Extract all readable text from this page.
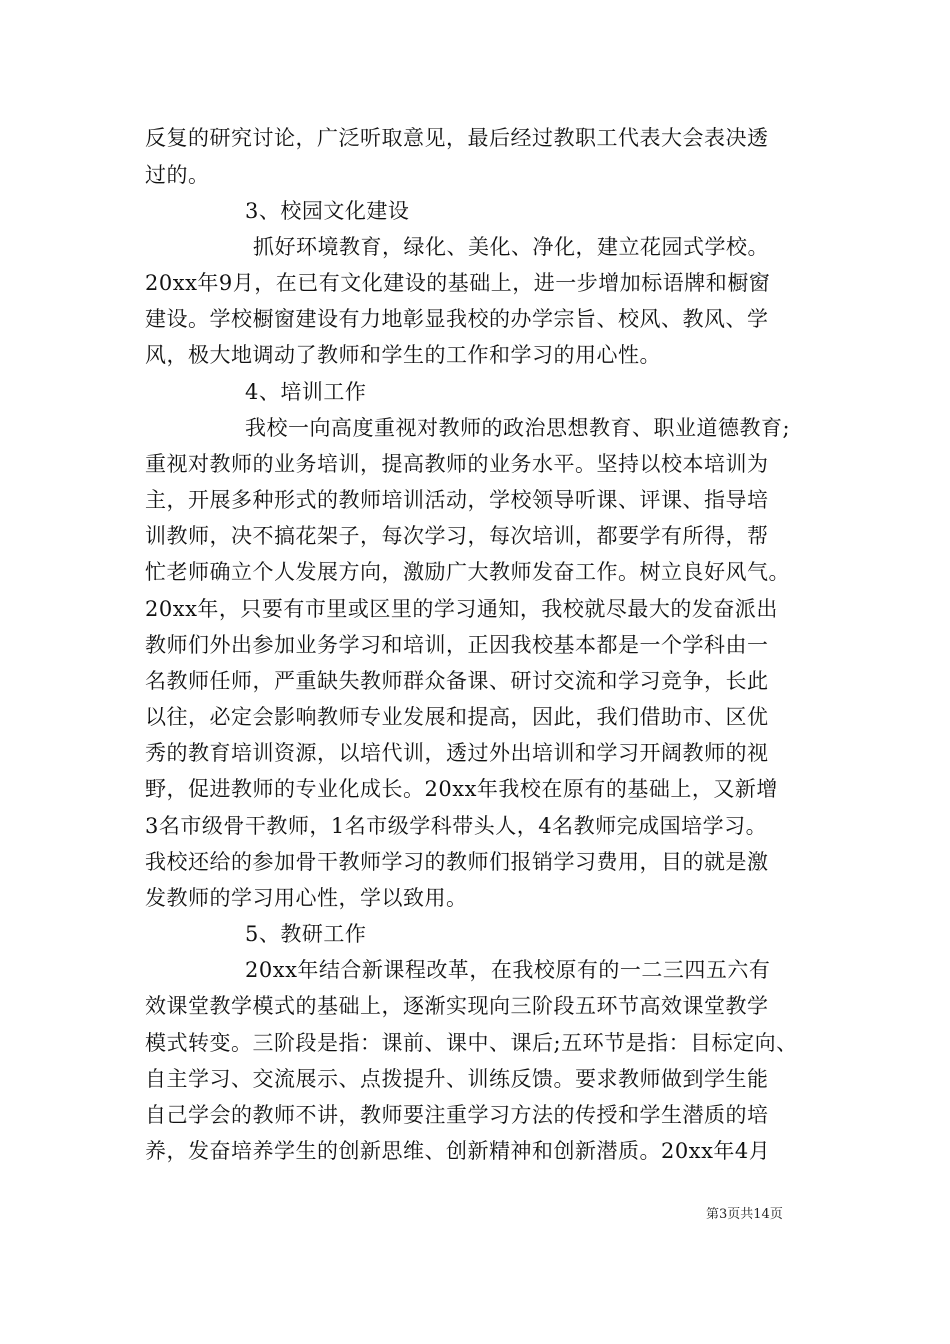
反复的研究讨论，广泛听取意见，最后经过教职工代表大会表决透
过的。
3、校园文化建设
抓好环境教育，绿化、美化、净化，建立花园式学校。
20xx年9月，在已有文化建设的基础上，进一步增加标语牌和橱窗
建设。学校橱窗建设有力地彰显我校的办学宗旨、校风、教风、学
风，极大地调动了教师和学生的工作和学习的用心性。
4、培训工作
我校一向高度重视对教师的政治思想教育、职业道德教育;
重视对教师的业务培训，提高教师的业务水平。坚持以校本培训为
主，开展多种形式的教师培训活动，学校领导听课、评课、指导培
训教师，决不搞花架子，每次学习，每次培训，都要学有所得，帮
忙老师确立个人发展方向，激励广大教师发奋工作。树立良好风气。
20xx年，只要有市里或区里的学习通知，我校就尽最大的发奋派出
教师们外出参加业务学习和培训，正因我校基本都是一个学科由一
名教师任师，严重缺失教师群众备课、研讨交流和学习竞争，长此
以往，必定会影响教师专业发展和提高，因此，我们借助市、区优
秀的教育培训资源，以培代训，透过外出培训和学习开阔教师的视
野，促进教师的专业化成长。20xx年我校在原有的基础上，又新增
3名市级骨干教师，1名市级学科带头人，4名教师完成国培学习。
我校还给的参加骨干教师学习的教师们报销学习费用，目的就是激
发教师的学习用心性，学以致用。
5、教研工作
20xx年结合新课程改革，在我校原有的一二三四五六有
效课堂教学模式的基础上，逐渐实现向三阶段五环节高效课堂教学
模式转变。三阶段是指：课前、课中、课后;五环节是指：目标定向、
自主学习、交流展示、点拨提升、训练反馈。要求教师做到学生能
自己学会的教师不讲，教师要注重学习方法的传授和学生潜质的培
养，发奋培养学生的创新思维、创新精神和创新潜质。20xx年4月
第3页共14页
